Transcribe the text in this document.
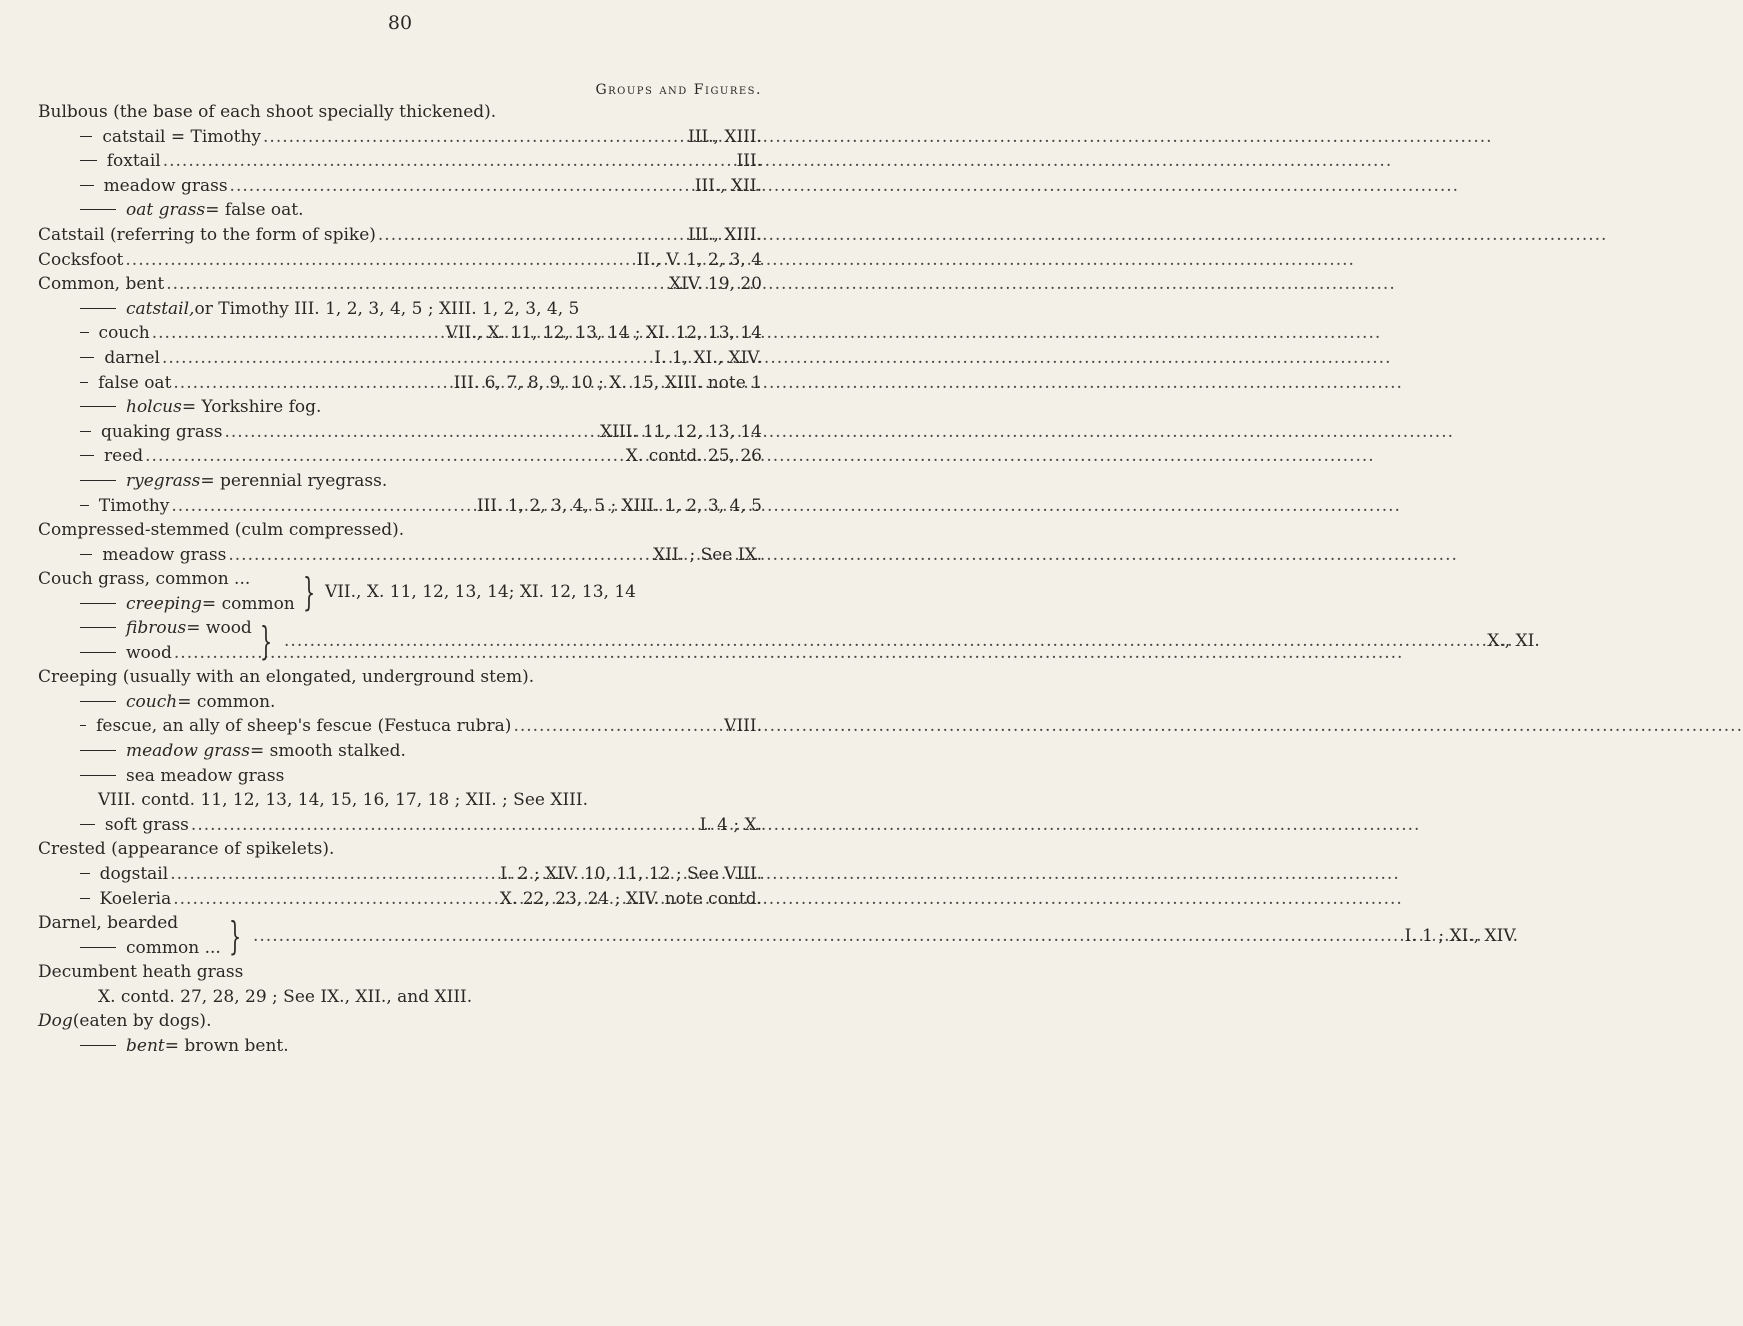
80
Groups and Figures.
Bulbous (the base of each shoot specially thickened).
catstail = Timothy .....	III., XIII.
foxtail .....	III.
meadow grass .....	III., XII.
oat grass = false oat.
Catstail (referring to the form of spike) .....	III., XIII.
Cocksfoot .....	II., V. 1, 2, 3, 4
Common, bent .....	XIV. 19, 20
catstail, or Timothy III. 1, 2, 3, 4, 5 ; XIII. 1, 2, 3, 4, 5
couch .....	VII., X. 11, 12, 13, 14 ; XI. 12, 13, 14
darnel .....	I. 1, XI., XIV.
false oat .....	III. 6, 7, 8, 9, 10 ; X. 15, XIII. note 1
holcus = Yorkshire fog.
quaking grass .....	XIII. 11, 12, 13, 14
reed .....	X. contd. 25, 26
ryegrass = perennial ryegrass.
Timothy .....	III. 1, 2, 3, 4, 5 ; XIII. 1, 2, 3, 4, 5
Compressed-stemmed (culm compressed).
meadow grass .....	XII. ; See IX.
Couch grass, common ...
creeping = common } VII., X. 11, 12, 13, 14; XI. 12, 13, 14
fibrous = wood
wood ..... } .....	X., XI.
Creeping (usually with an elongated, underground stem).
couch = common.
fescue, an ally of sheep's fescue (Festuca rubra) .....	VIII.
meadow grass = smooth stalked.
sea meadow grass
VIII. contd. 11, 12, 13, 14, 15, 16, 17, 18 ; XII. ; See XIII.
soft grass .....	I. 4 ; X.
Crested (appearance of spikelets).
dogstail .....	I. 2 ; XIV. 10, 11, 12 ; See VIII.
Koeleria .....	X. 22, 23, 24 ; XIV. note contd.
Darnel, bearded
common ... } .....	I. 1 ; XI., XIV.
Decumbent heath grass
X. contd. 27, 28, 29 ; See IX., XII., and XIII.
Dog (eaten by dogs).
bent = brown bent.
